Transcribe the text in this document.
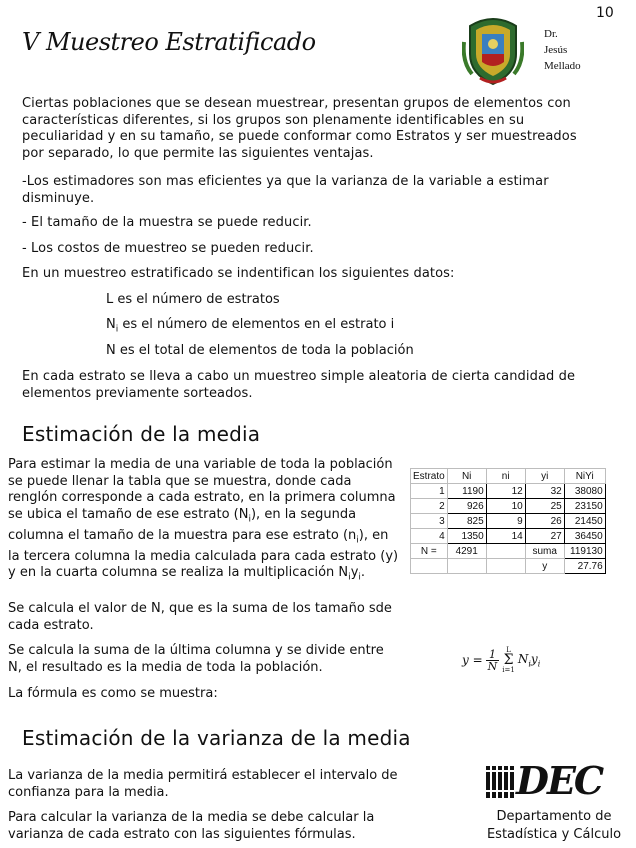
10
V Muestreo Estratificado	Dr.
Jesús
Mellado
Ciertas poblaciones que se desean muestrear, presentan grupos de elementos con características diferentes, si los grupos son plenamente identificables en su peculiaridad y en su tamaño, se puede conformar como Estratos y ser muestreados por separado, lo que permite las siguientes ventajas.
-Los estimadores son mas eficientes ya que la varianza de la variable a estimar disminuye.
- El tamaño de la muestra se puede reducir.
- Los costos de muestreo se pueden reducir.
En un muestreo estratificado se indentifican los siguientes datos:
L es el número de estratos
$N_i$ es el número de elementos en el estrato i
N es el total de elementos de toda la población
En cada estrato se lleva a cabo un muestreo simple aleatoria de cierta candidad de elementos previamente sorteados.
Estimación de la media
Para estimar la media de una variable de toda la población se puede llenar la tabla que se muestra, donde cada renglón corresponde a cada estrato, en la primera columna se ubica el tamaño de ese estrato $(N_i)$, en la segunda columna el tamaño de la muestra para ese estrato $(n_i)$, en la tercera columna la media calculada para cada estrato (y) y en la cuarta columna se realiza la multiplicación $N_iy_i$.
Se calcula el valor de N, que es la suma de los tamaño sde cada estrato.
Se calcula la suma de la última columna y se divide entre N, el resultado es la media de toda la población.
La fórmula es como se muestra:
Estrato	Ni	ni	yi	NiYi
1	1190	12	32	38080
2	926	10	25	23150
3	825	9	26	21450
4	1350	14	27	36450
N =	4291		suma	119130
			y	27.76
$y = \frac{1}{N}$ L
Σ
i=1
$N_iy_i$
Estimación de la varianza de la media
La varianza de la media permitirá establecer el intervalo de confianza para la media.
Para calcular la varianza de la media se debe calcular la varianza de cada estrato con las siguientes fórmulas.
DEC
Departamento de
Estadística y Cálculo
